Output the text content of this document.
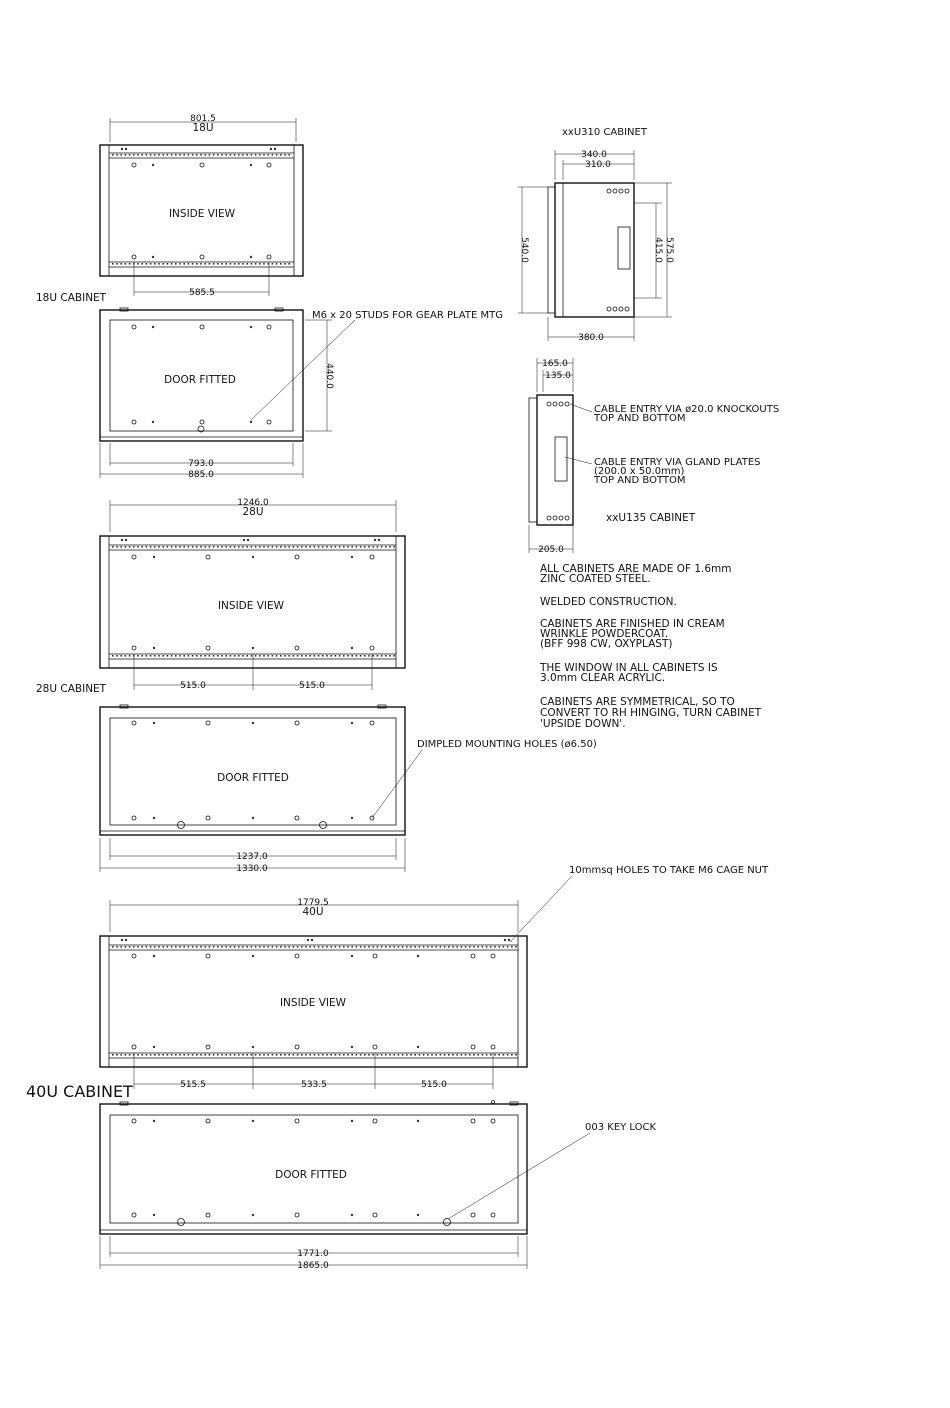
801.5
18U
INSIDE VIEW
585.5
18U CABINET
DOOR FITTED	440.0
M6 x 20 STUDS FOR GEAR PLATE MTG
793.0
885.0
1246.0
28U
INSIDE VIEW
515.0	515.0
28U CABINET
DOOR FITTED
DIMPLED MOUNTING HOLES (ø6.50)
1237.0
1330.0
1779.5
40U
INSIDE VIEW
515.5	533.5	515.0
10mmsq HOLES TO TAKE M6 CAGE NUT
40U CABINET
DOOR FITTED
003 KEY LOCK
1771.0
1865.0
xxU310 CABINET
340.0
310.0
540.0	415.0 575.0
380.0
165.0
135.0
CABLE ENTRY VIA ø20.0 KNOCKOUTS
TOP AND BOTTOM
CABLE ENTRY VIA GLAND PLATES
(200.0 x 50.0mm)
TOP AND BOTTOM
xxU135 CABINET
205.0
ALL CABINETS ARE MADE OF 1.6mm
ZINC COATED STEEL.
WELDED CONSTRUCTION.
CABINETS ARE FINISHED IN CREAM
WRINKLE POWDERCOAT.
(BFF 998 CW, OXYPLAST)
THE WINDOW IN ALL CABINETS IS
3.0mm CLEAR ACRYLIC.
CABINETS ARE SYMMETRICAL, SO TO
CONVERT TO RH HINGING, TURN CABINET
'UPSIDE DOWN'.
